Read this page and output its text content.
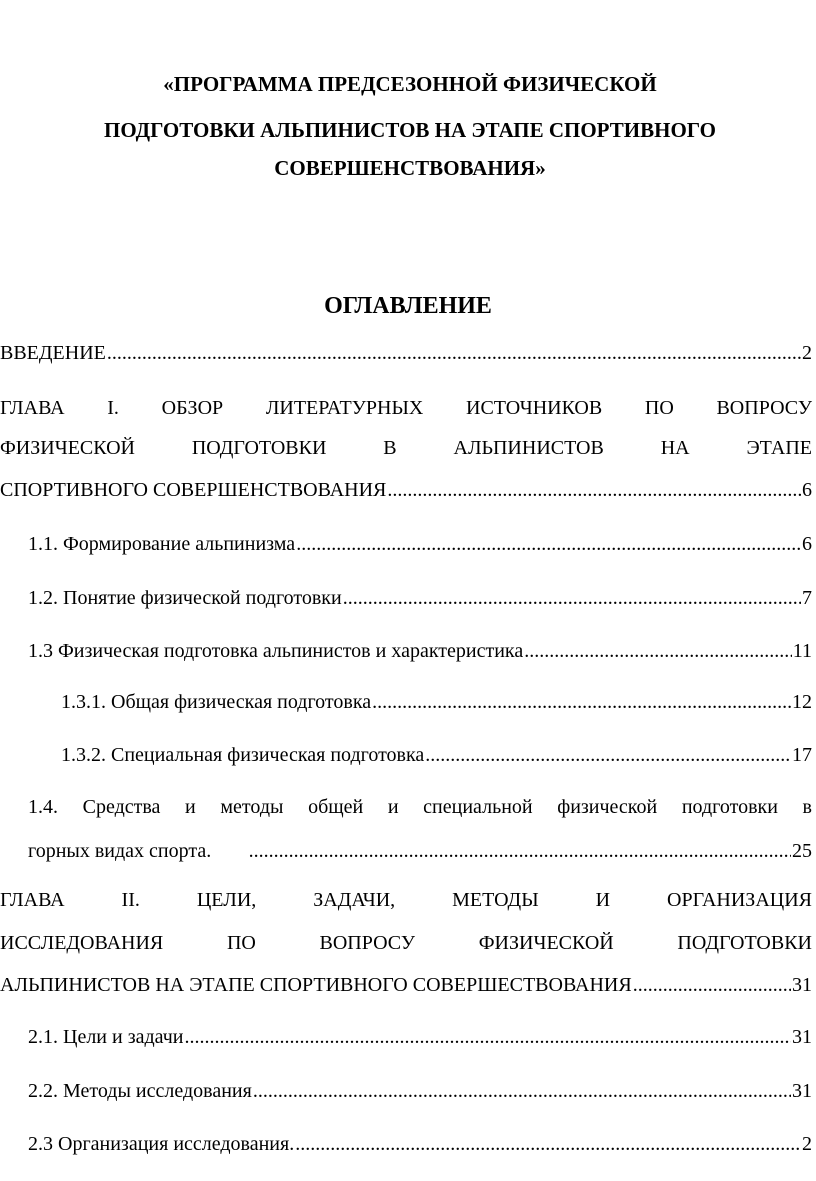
«ПРОГРАММА ПРЕДСЕЗОННОЙ ФИЗИЧЕСКОЙ
ПОДГОТОВКИ АЛЬПИНИСТОВ НА ЭТАПЕ СПОРТИВНОГО
СОВЕРШЕНСТВОВАНИЯ»
ОГЛАВЛЕНИЕ
ВВЕДЕНИЕ .....	2
ГЛАВА I. ОБЗОР ЛИТЕРАТУРНЫХ ИСТОЧНИКОВ ПО ВОПРОСУ
ФИЗИЧЕСКОЙ ПОДГОТОВКИ В АЛЬПИНИСТОВ НА ЭТАПЕ
СПОРТИВНОГО СОВЕРШЕНСТВОВАНИЯ .....	6
1.1. Формирование альпинизма .....	6
1.2. Понятие физической подготовки .....	7
1.3 Физическая подготовка альпинистов и характеристика .....	11
1.3.1. Общая физическая подготовка .....	12
1.3.2. Специальная физическая подготовка .....	17
1.4. Средства и методы общей и специальной физической подготовки в
горных видах спорта. .....	25
ГЛАВА II. ЦЕЛИ, ЗАДАЧИ, МЕТОДЫ И ОРГАНИЗАЦИЯ
ИССЛЕДОВАНИЯ ПО ВОПРОСУ ФИЗИЧЕСКОЙ ПОДГОТОВКИ
АЛЬПИНИСТОВ НА ЭТАПЕ СПОРТИВНОГО СОВЕРШЕСТВОВАНИЯ .....	31
2.1. Цели и задачи .....	31
2.2. Методы исследования .....	31
2.3 Организация исследования. .....	2
